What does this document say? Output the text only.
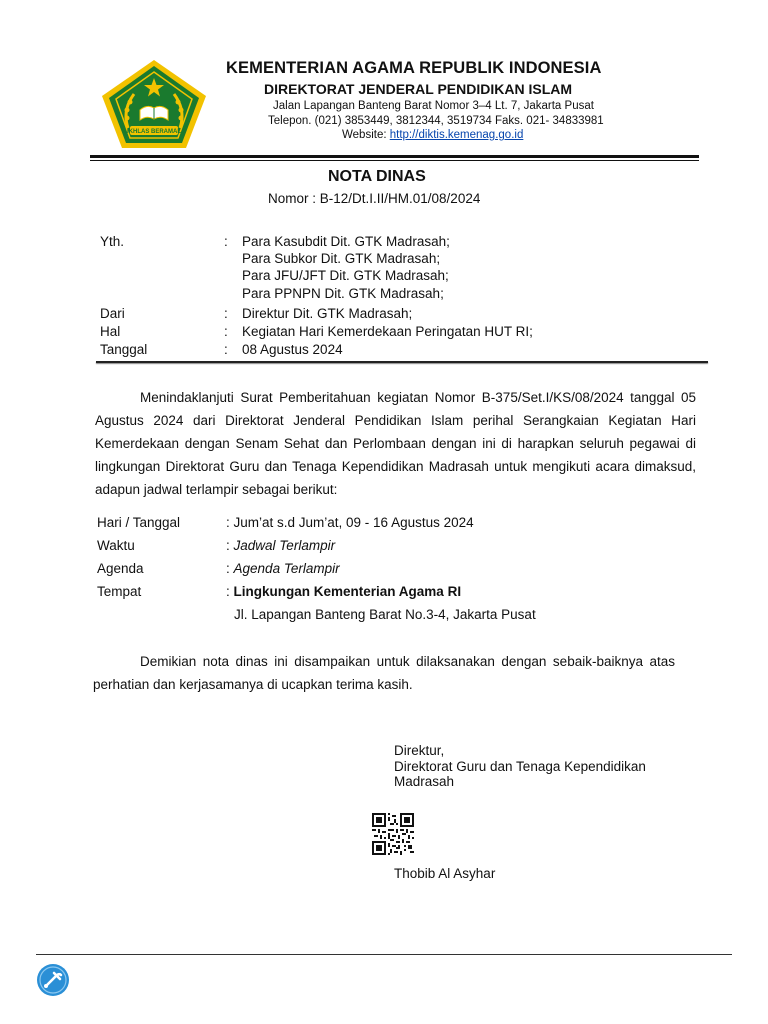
IKHLAS BERAMAL
KEMENTERIAN AGAMA REPUBLIK INDONESIA
DIREKTORAT JENDERAL PENDIDIKAN ISLAM
Jalan Lapangan Banteng Barat Nomor 3–4 Lt. 7, Jakarta Pusat
Telepon. (021) 3853449, 3812344, 3519734 Faks. 021- 34833981
Website: http://diktis.kemenag.go.id
NOTA DINAS
Nomor : B-12/Dt.I.II/HM.01/08/2024
Yth.	: Para Kasubdit Dit. GTK Madrasah;
Para Subkor Dit. GTK Madrasah;
Para JFU/JFT Dit. GTK Madrasah;
Para PPNPN Dit. GTK Madrasah;
Dari	: Direktur Dit. GTK Madrasah;
Hal	: Kegiatan Hari Kemerdekaan Peringatan HUT RI;
Tanggal	: 08 Agustus 2024
Menindaklanjuti Surat Pemberitahuan kegiatan Nomor B-375/Set.I/KS/08/2024 tanggal 05 Agustus 2024 dari Direktorat Jenderal Pendidikan Islam perihal Serangkaian Kegiatan Hari Kemerdekaan dengan Senam Sehat dan Perlombaan dengan ini di harapkan seluruh pegawai di lingkungan Direktorat Guru dan Tenaga Kependidikan Madrasah untuk mengikuti acara dimaksud, adapun jadwal terlampir sebagai berikut:
Hari / Tanggal	: Jum’at s.d Jum’at, 09 - 16 Agustus 2024
Waktu	: Jadwal Terlampir
Agenda	: Agenda Terlampir
Tempat	: Lingkungan Kementerian Agama RI
Jl. Lapangan Banteng Barat No.3-4, Jakarta Pusat
Demikian nota dinas ini disampaikan untuk dilaksanakan dengan sebaik-baiknya atas perhatian dan kerjasamanya di ucapkan terima kasih.
Direktur,
Direktorat Guru dan Tenaga Kependidikan
Madrasah
Thobib Al Asyhar
